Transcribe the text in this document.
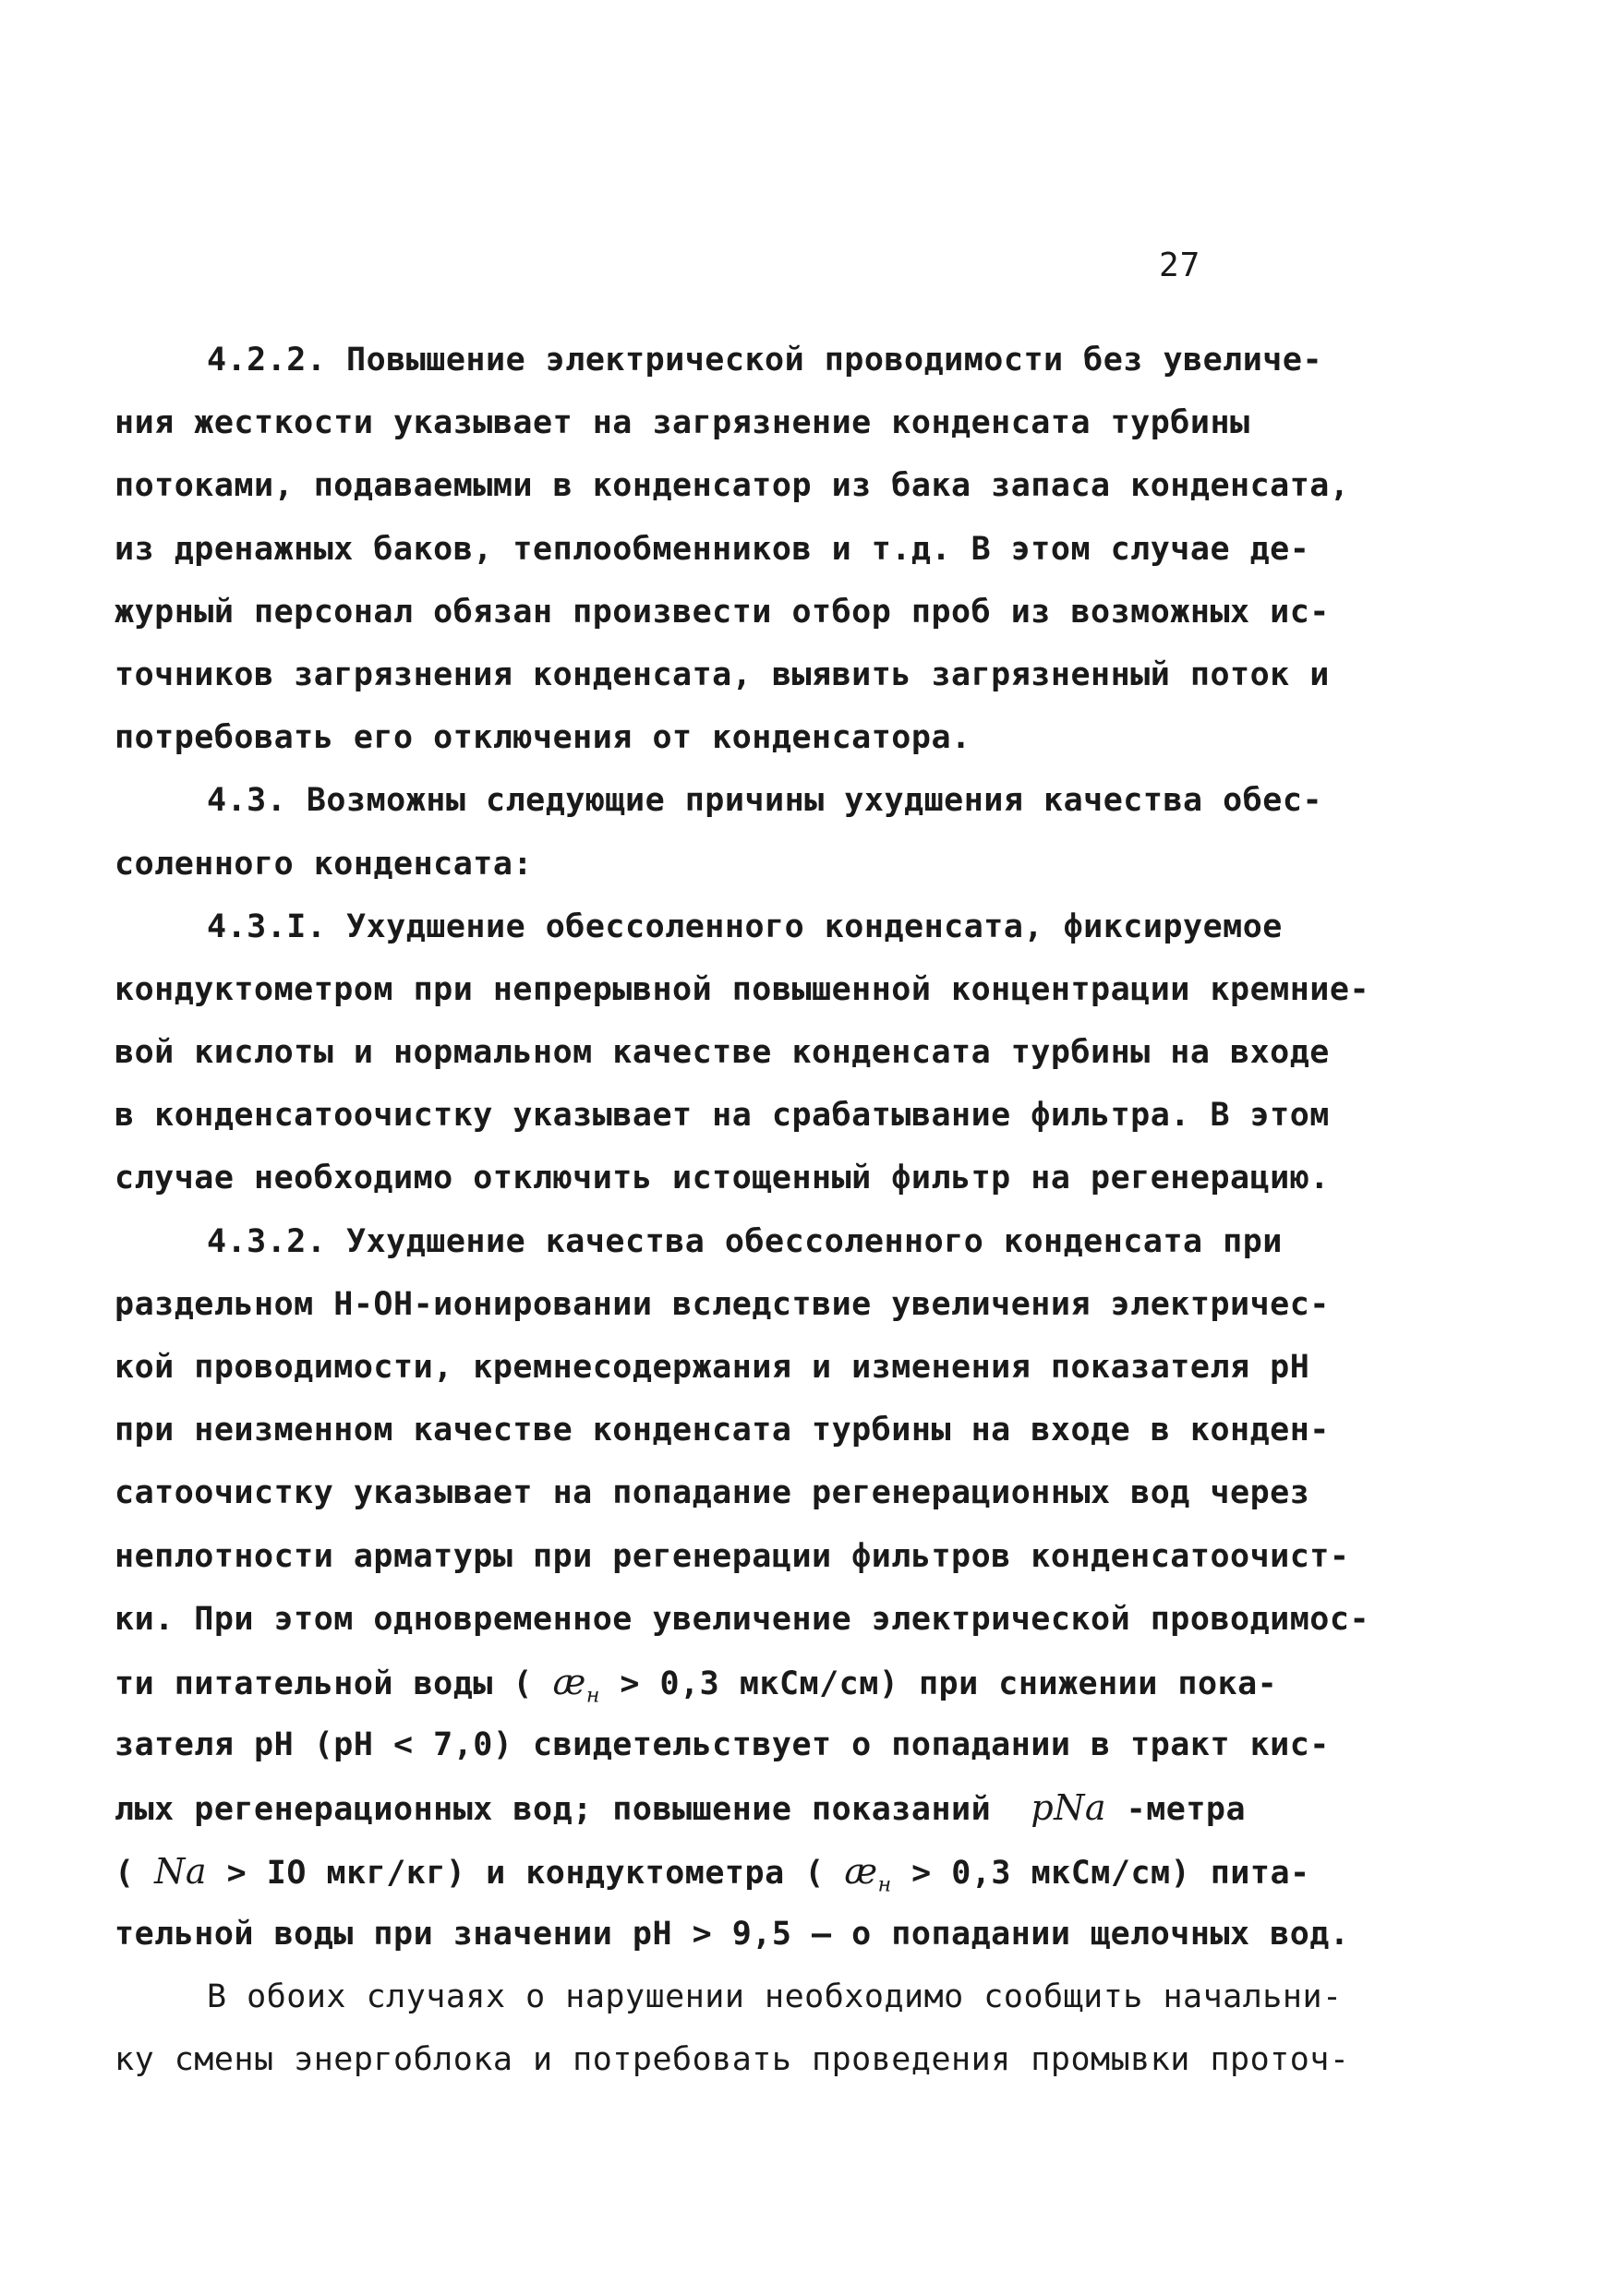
27
4.2.2. Повышение электрической проводимости без увеличе-
ния жесткости указывает на загрязнение конденсата турбины
потоками, подаваемыми в конденсатор из бака запаса конденсата,
из дренажных баков, теплообменников и т.д. В этом случае де-
журный персонал обязан произвести отбор проб из возможных ис-
точников загрязнения конденсата, выявить загрязненный поток и
потребовать его отключения от конденсатора.
4.3. Возможны следующие причины ухудшения качества обес-
соленного конденсата:
4.3.I. Ухудшение обессоленного конденсата, фиксируемое
кондуктометром при непрерывной повышенной концентрации кремние-
вой кислоты и нормальном качестве конденсата турбины на входе
в конденсатоочистку указывает на срабатывание фильтра. В этом
случае необходимо отключить истощенный фильтр на регенерацию.
4.3.2. Ухудшение качества обессоленного конденсата при
раздельном Н-ОН-ионировании вследствие увеличения электричес-
кой проводимости, кремнесодержания и изменения показателя pH
при неизменном качестве конденсата турбины на входе в конден-
сатоочистку указывает на попадание регенерационных вод через
неплотности арматуры при регенерации фильтров конденсатоочист-
ки. При этом одновременное увеличение электрической проводимос-
ти питательной воды ( $æ_н > 0,3$ мкСм/см) при снижении пока-
зателя pH (pH < 7,0) свидетельствует о попадании в тракт кис-
лых регенерационных вод; повышение показаний  pNa -метра
( Na > IO мкг/кг) и кондуктометра ( $æ_н > 0,3$ мкСм/см) пита-
тельной воды при значении pH > 9,5 – о попадании щелочных вод.
В обоих случаях о нарушении необходимо сообщить начальни-
ку смены энергоблока и потребовать проведения промывки проточ-
